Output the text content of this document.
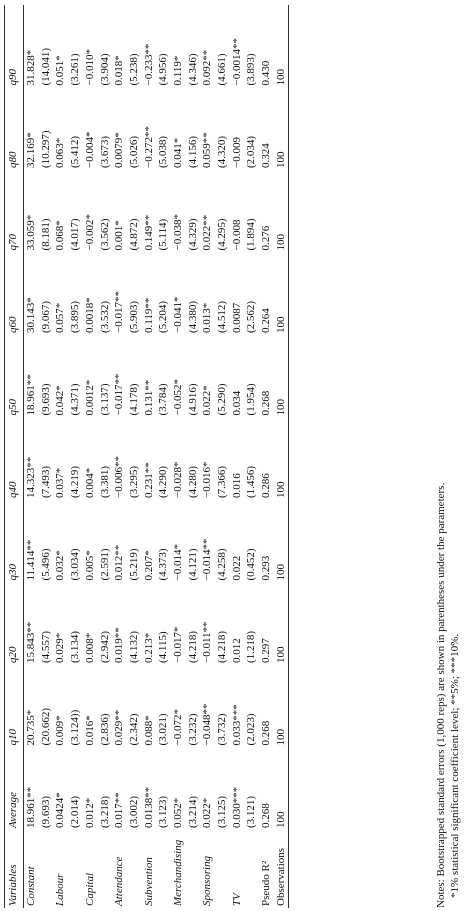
Variables	Average	q10	q20	q30	q40	q50	q60	q70	q80	q90
Constant	18.961**	20.735*	15.843**	11.414**	14.323**	18.961**	30.143*	33.059*	32.169*	31.828*
	(9.693)	(20.662)	(4.557)	(5.496)	(7.493)	(9.693)	(9.067)	(8.181)	(10.297)	(14.041)
Labour	0.0424*	0.009*	0.029*	0.032*	0.037*	0.042*	0.057*	0.068*	0.063*	0.051*
	(2.014)	(3.124))	(3.134)	(3.034)	(4.219)	(4.371)	(3.895)	(4.017)	(5.412)	(3.261)
Capital	0.012*	0.016*	0.008*	0.005*	0.004*	0.0012*	0.0018*	−0.002*	−0.004*	−0.010*
	(3.218)	(2.836)	(2.942)	(2.591)	(3.381)	(3.137)	(3.532)	(3.562)	(3.673)	(3.904)
Attendance	0.017**	0.029**	0.019**	0.012**	−0.006**	−0.017**	−0.017**	0.001*	0.0079*	0.018*
	(3.002)	(2.342)	(4.132)	(5.219)	(3.295)	(4.178)	(5.903)	(4.872)	(5.026)	(5.238)
Subvention	0.0138**	0.088*	0.213*	0.207*	0.231**	0.131**	0.119**	0.149**	−0.272**	−0.233**
	(3.123)	(3.021)	(4.115)	(4.373)	(4.290)	(3.784)	(5.204)	(5.114)	(5.038)	(4.956)
Merchandising	0.052*	−0.072*	−0.017*	−0.014*	−0.028*	−0.052*	−0.041*	−0.038*	0.041*	0.119*
	(3.214)	(3.232)	(4.218)	(4.121)	(4.280)	(4.916)	(4.380)	(4.329)	(4.156)	(4.346)
Sponsoring	0.022*	−0.048**	−0.011**	−0.014**	−0.016*	0.022*	0.013*	0.022**	0.059**	0.092**
	(3.125)	(3.732)	(4.218)	(4.258)	(7.366)	(5.290)	(4.512)	(4.295)	(4.320)	(4.661)
TV	0.030***	0.033***	0.012	0.022	0.016	0.034	0.0087	−0.008	−0.009	−0.0014**
	(3.121)	(2.023)	(1.218)	(0.452)	(1.456)	(1.954)	(2.562)	(1.894)	(2.034)	(3.893)
Pseudo R²	0.268	0.268	0.297	0.293	0.286	0.268	0.264	0.276	0.324	0.430
Observations	100	100	100	100	100	100	100	100	100	100
Notes: Bootstrapped standard errors (1,000 reps) are shown in parentheses under the parameters. *1% statistical significant coefficient level; **5%; ***10%.
